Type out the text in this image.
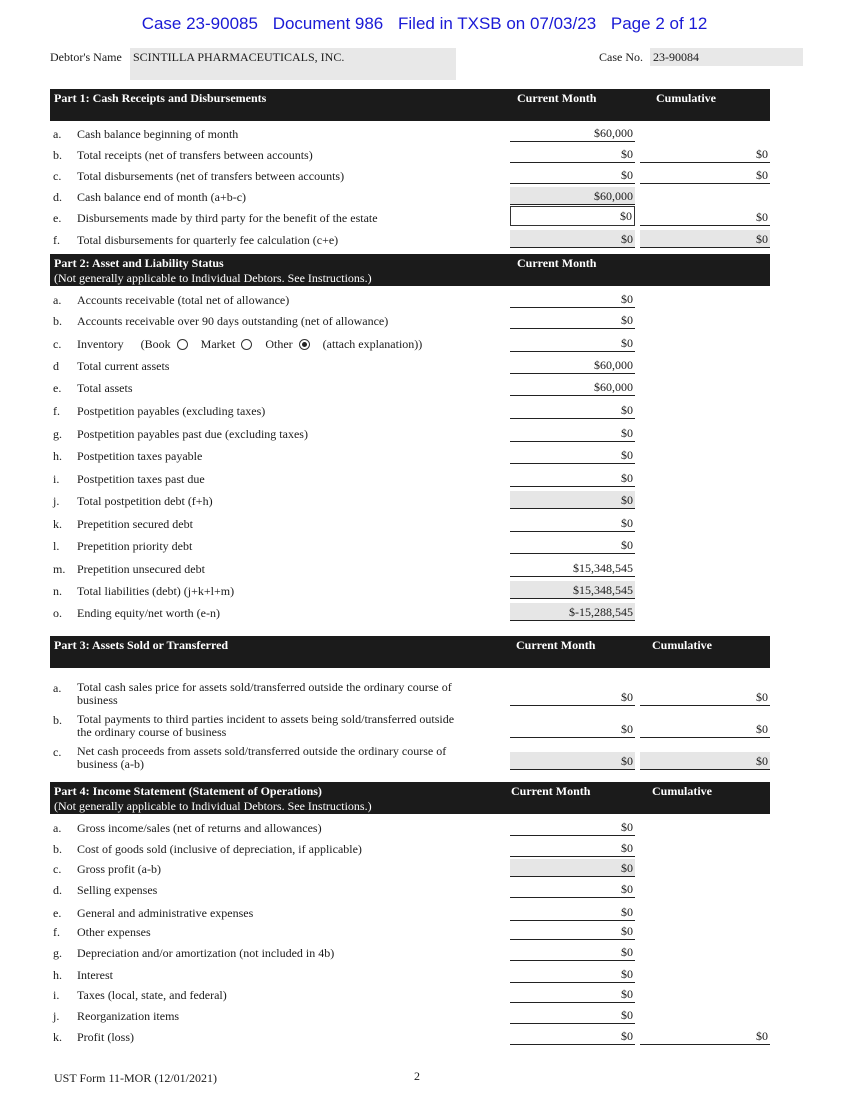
Case 23-90085 Document 986 Filed in TXSB on 07/03/23 Page 2 of 12
Debtor's Name SCINTILLA PHARMACEUTICALS, INC.	Case No. 23-90084
Part 1: Cash Receipts and Disbursements	Current Month	Cumulative
a. Cash balance beginning of month	$60,000
b. Total receipts (net of transfers between accounts)	$0	$0
c. Total disbursements (net of transfers between accounts)	$0	$0
d. Cash balance end of month (a+b-c)	$60,000
e. Disbursements made by third party for the benefit of the estate	$0	$0
f. Total disbursements for quarterly fee calculation (c+e)	$0	$0
Part 2: Asset and Liability Status
(Not generally applicable to Individual Debtors. See Instructions.)
Current Month
a. Accounts receivable (total net of allowance)	$0
b. Accounts receivable over 90 days outstanding (net of allowance)	$0
c. Inventory (Book	Market	Other	(attach explanation))	$0
d Total current assets	$60,000
e. Total assets	$60,000
f. Postpetition payables (excluding taxes)	$0
g. Postpetition payables past due (excluding taxes)	$0
h. Postpetition taxes payable	$0
i. Postpetition taxes past due	$0
j. Total postpetition debt (f+h)	$0
k. Prepetition secured debt	$0
l. Prepetition priority debt	$0
m. Prepetition unsecured debt	$15,348,545
n. Total liabilities (debt) (j+k+l+m)	$15,348,545
o. Ending equity/net worth (e-n)	$-15,288,545
Part 3: Assets Sold or Transferred	Current Month	Cumulative
a. Total cash sales price for assets sold/transferred outside the ordinary course of business	$0	$0
b. Total payments to third parties incident to assets being sold/transferred outside the ordinary course of business	$0	$0
c. Net cash proceeds from assets sold/transferred outside the ordinary course of business (a-b)	$0	$0
Part 4: Income Statement (Statement of Operations)
(Not generally applicable to Individual Debtors. See Instructions.)
Current Month	Cumulative
a. Gross income/sales (net of returns and allowances)	$0
b. Cost of goods sold (inclusive of depreciation, if applicable)	$0
c. Gross profit (a-b)	$0
d. Selling expenses	$0
e. General and administrative expenses	$0
f. Other expenses	$0
g. Depreciation and/or amortization (not included in 4b)	$0
h. Interest	$0
i. Taxes (local, state, and federal)	$0
j. Reorganization items	$0
k. Profit (loss)	$0	$0
UST Form 11-MOR (12/01/2021)	2
